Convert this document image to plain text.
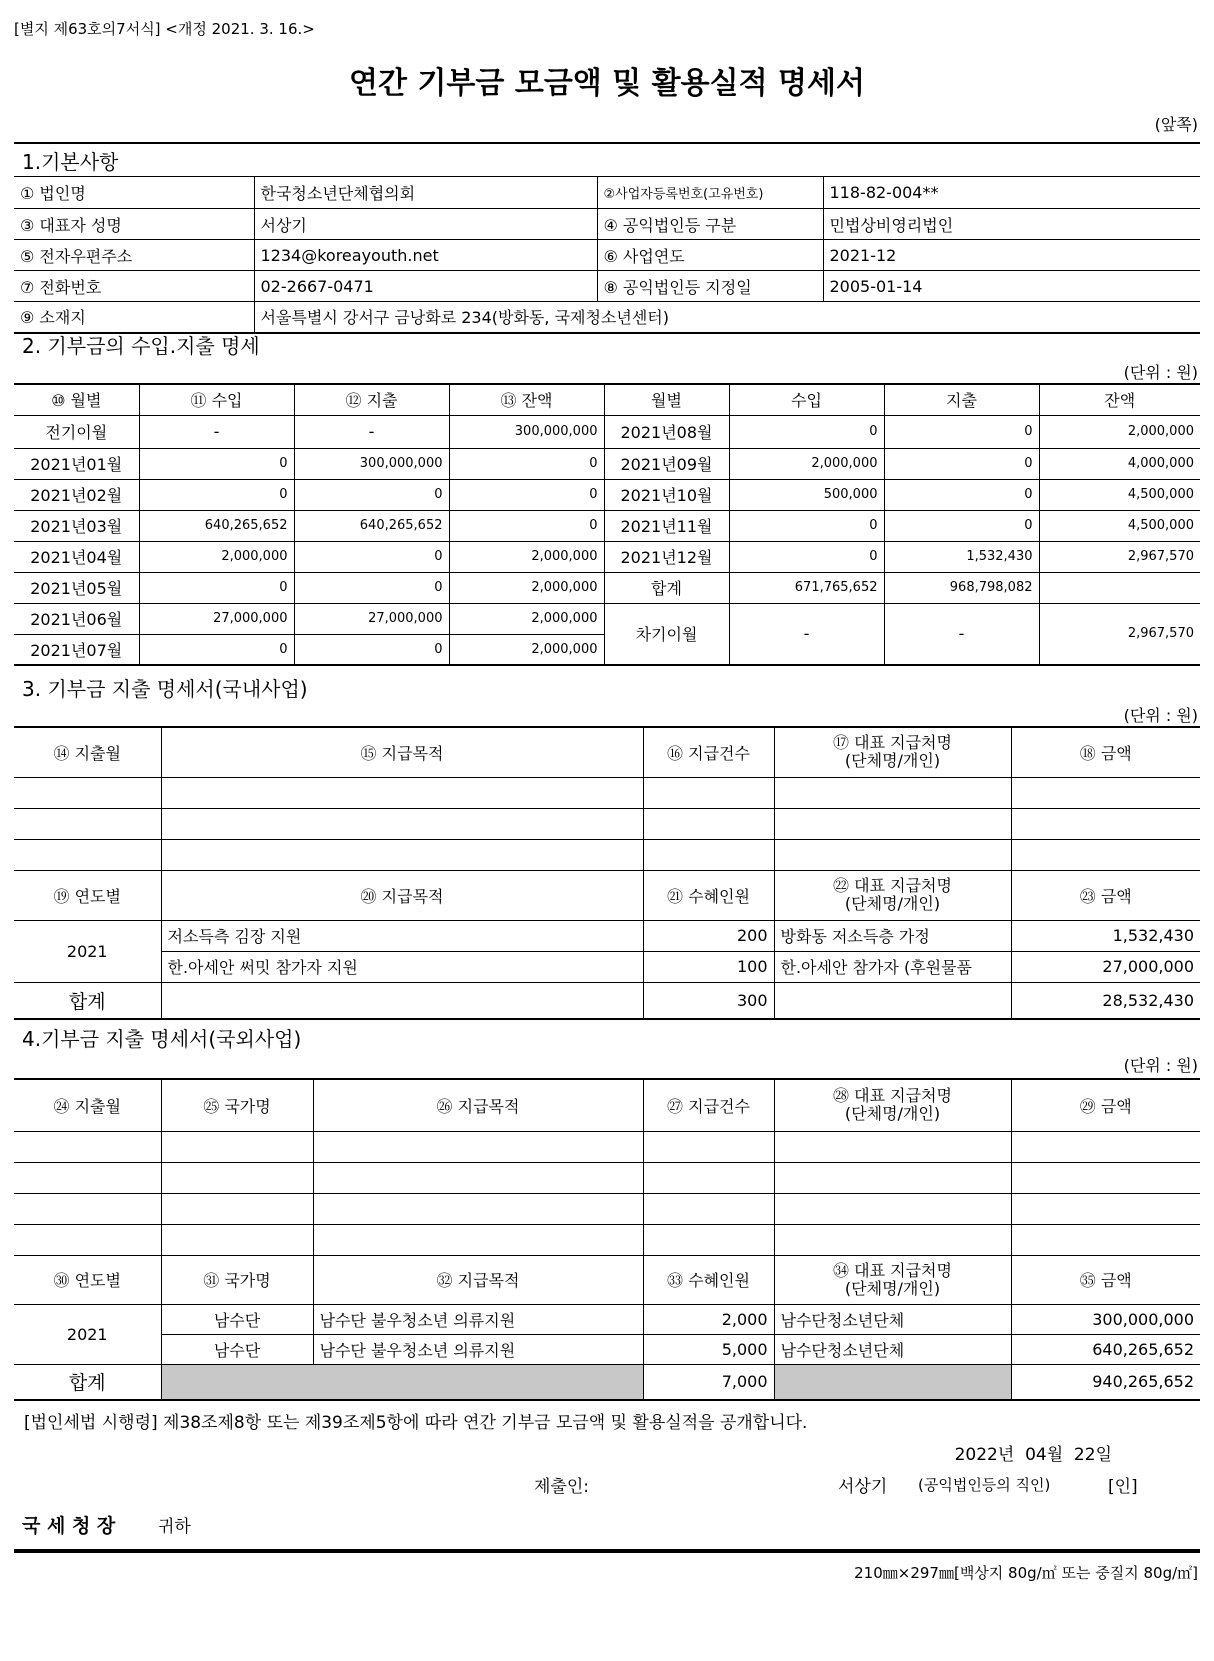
[별지 제63호의7서식] <개정 2021. 3. 16.>
연간 기부금 모금액 및 활용실적 명세서
(앞쪽)
1.기본사항
① 법인명	한국청소년단체협의회	②사업자등록번호(고유번호)	118-82-004**
③ 대표자 성명	서상기	④ 공익법인등 구분	민법상비영리법인
⑤ 전자우편주소	1234@koreayouth.net	⑥ 사업연도	2021-12
⑦ 전화번호	02-2667-0471	⑧ 공익법인등 지정일	2005-01-14
⑨ 소재지	서울특별시 강서구 금낭화로 234(방화동, 국제청소년센터)		
2. 기부금의 수입.지출 명세
(단위 : 원)
⑩ 월별	⑪ 수입	⑫ 지출	⑬ 잔액	월별	수입	지출	잔액
전기이월	-	-	300,000,000	2021년08월	0	0	2,000,000
2021년01월	0	300,000,000	0	2021년09월	2,000,000	0	4,000,000
2021년02월	0	0	0	2021년10월	500,000	0	4,500,000
2021년03월	640,265,652	640,265,652	0	2021년11월	0	0	4,500,000
2021년04월	2,000,000	0	2,000,000	2021년12월	0	1,532,430	2,967,570
2021년05월	0	0	2,000,000	합계	671,765,652	968,798,082	
2021년06월	27,000,000	27,000,000	2,000,000	차기이월	-	-	2,967,570
2021년07월	0	0	2,000,000				
3. 기부금 지출 명세서(국내사업)
(단위 : 원)
⑭ 지출월	⑮ 지급목적	⑯ 지급건수	⑰ 대표 지급처명
(단체명/개인)	⑱ 금액

⑲ 연도별	⑳ 지급목적	㉑ 수혜인원	㉒ 대표 지급처명
(단체명/개인)	㉓ 금액
2021	저소득측 김장 지원	200	방화동 저소득층 가정	1,532,430
	한.아세안 써밋 참가자 지원	100	한.아세안 참가자 (후원물품	27,000,000
합계		300		28,532,430
4.기부금 지출 명세서(국외사업)
(단위 : 원)
㉔ 지출월	㉕ 국가명	㉖ 지급목적	㉗ 지급건수	㉘ 대표 지급처명
(단체명/개인)	㉙ 금액

㉚ 연도별	㉛ 국가명	㉜ 지급목적	㉝ 수혜인원	㉞ 대표 지급처명
(단체명/개인)	㉟ 금액
2021	남수단	남수단 불우청소년 의류지원	2,000	남수단청소년단체	300,000,000
	남수단	남수단 불우청소년 의류지원	5,000	남수단청소년단체	640,265,652
합계			7,000		940,265,652
[법인세법 시행령] 제38조제8항 또는 제39조제5항에 따라 연간 기부금 모금액 및 활용실적을 공개합니다.
2022년  04월  22일
제출인:	서상기 (공익법인등의 직인)	[인]
국 세 청 장	귀하
210㎜×297㎜[백상지 80g/㎡ 또는 중질지 80g/㎡]
